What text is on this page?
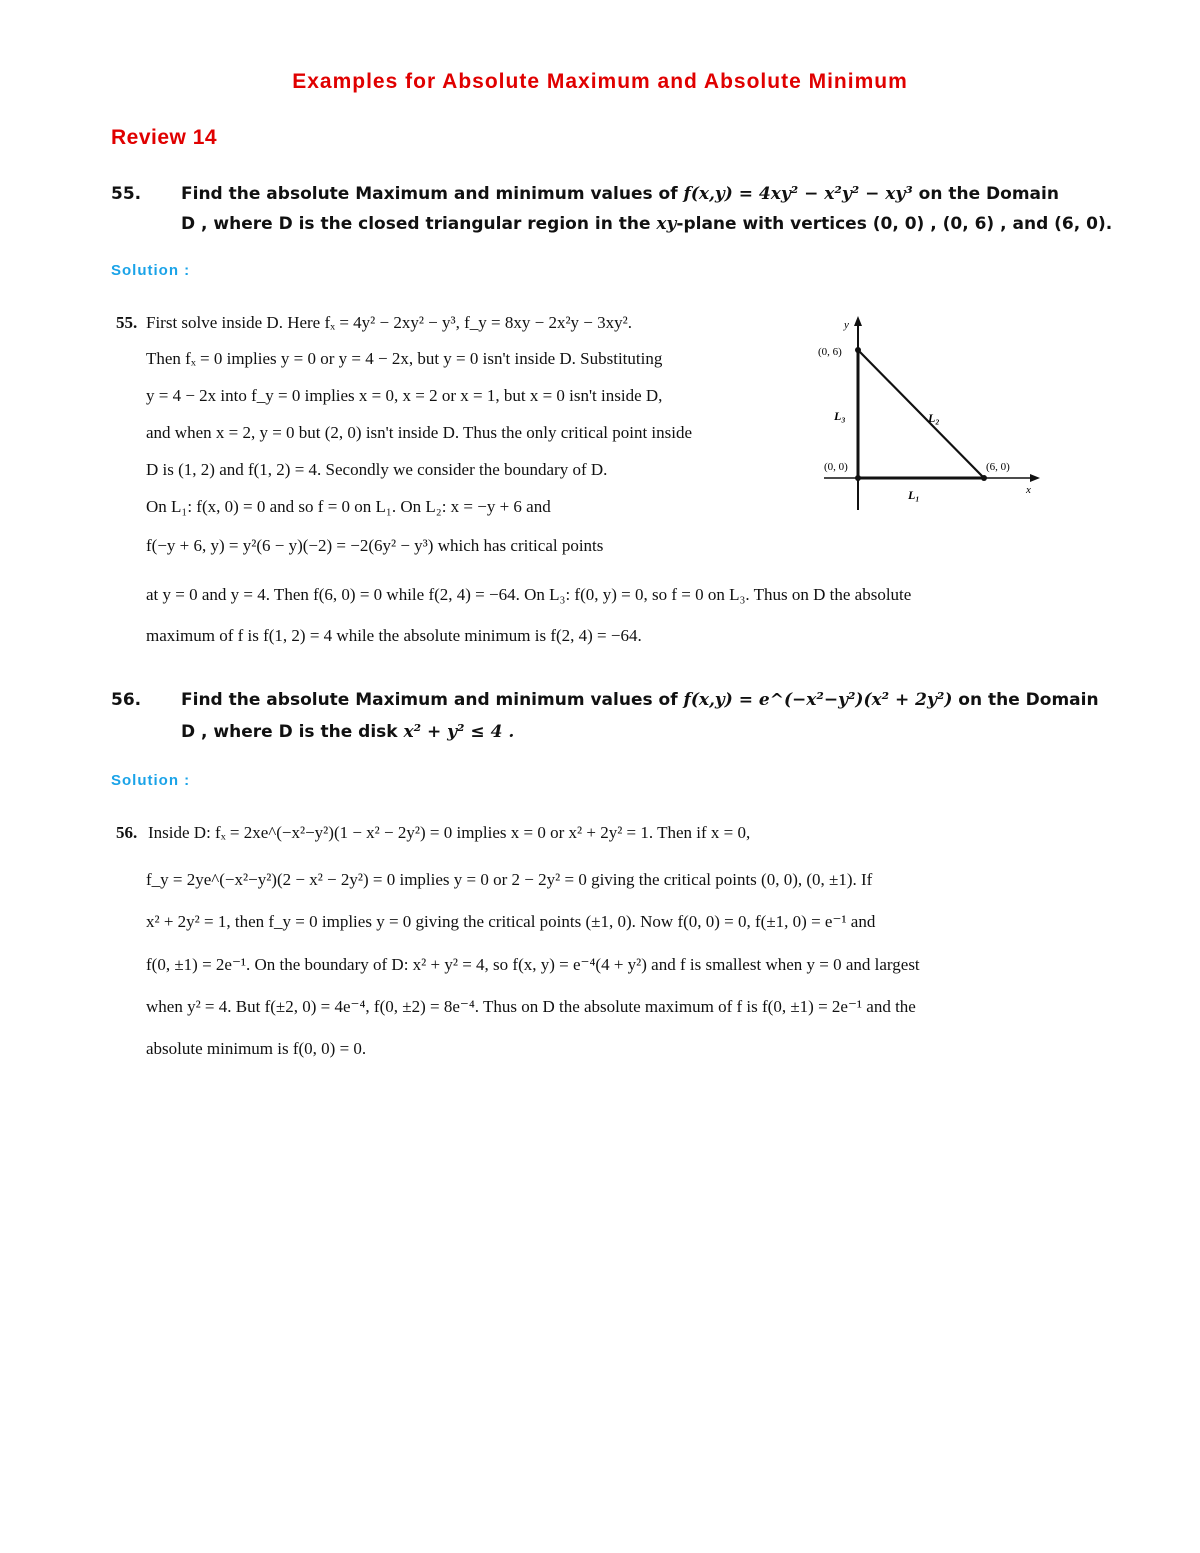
Examples for Absolute Maximum and Absolute Minimum
Review 14
55. Find the absolute Maximum and minimum values of f(x,y) = 4xy² − x²y² − xy³ on the Domain
D , where D is the closed triangular region in the xy-plane with vertices (0, 0) , (0, 6) , and (6, 0).
Solution :
55. First solve inside D. Here fₓ = 4y² − 2xy² − y³, f_y = 8xy − 2x²y − 3xy².
Then fₓ = 0 implies y = 0 or y = 4 − 2x, but y = 0 isn't inside D. Substituting
y = 4 − 2x into f_y = 0 implies x = 0, x = 2 or x = 1, but x = 0 isn't inside D,
and when x = 2, y = 0 but (2, 0) isn't inside D. Thus the only critical point inside
D is (1, 2) and f(1, 2) = 4. Secondly we consider the boundary of D.
On L₁: f(x, 0) = 0 and so f = 0 on L₁. On L₂: x = −y + 6 and
f(−y + 6, y) = y²(6 − y)(−2) = −2(6y² − y³) which has critical points
at y = 0 and y = 4. Then f(6, 0) = 0 while f(2, 4) = −64. On L₃: f(0, y) = 0, so f = 0 on L₃. Thus on D the absolute
maximum of f is f(1, 2) = 4 while the absolute minimum is f(2, 4) = −64.
y
x
(0, 6)
(0, 0)	(6, 0)
L₃	L₂
L₁
56. Find the absolute Maximum and minimum values of f(x,y) = e^(−x²−y²)(x² + 2y²) on the Domain
D , where D is the disk x² + y² ≤ 4 .
Solution :
56. Inside D: fₓ = 2xe^(−x²−y²)(1 − x² − 2y²) = 0 implies x = 0 or x² + 2y² = 1. Then if x = 0,
f_y = 2ye^(−x²−y²)(2 − x² − 2y²) = 0 implies y = 0 or 2 − 2y² = 0 giving the critical points (0, 0), (0, ±1). If
x² + 2y² = 1, then f_y = 0 implies y = 0 giving the critical points (±1, 0). Now f(0, 0) = 0, f(±1, 0) = e⁻¹ and
f(0, ±1) = 2e⁻¹. On the boundary of D: x² + y² = 4, so f(x, y) = e⁻⁴(4 + y²) and f is smallest when y = 0 and largest
when y² = 4. But f(±2, 0) = 4e⁻⁴, f(0, ±2) = 8e⁻⁴. Thus on D the absolute maximum of f is f(0, ±1) = 2e⁻¹ and the
absolute minimum is f(0, 0) = 0.
